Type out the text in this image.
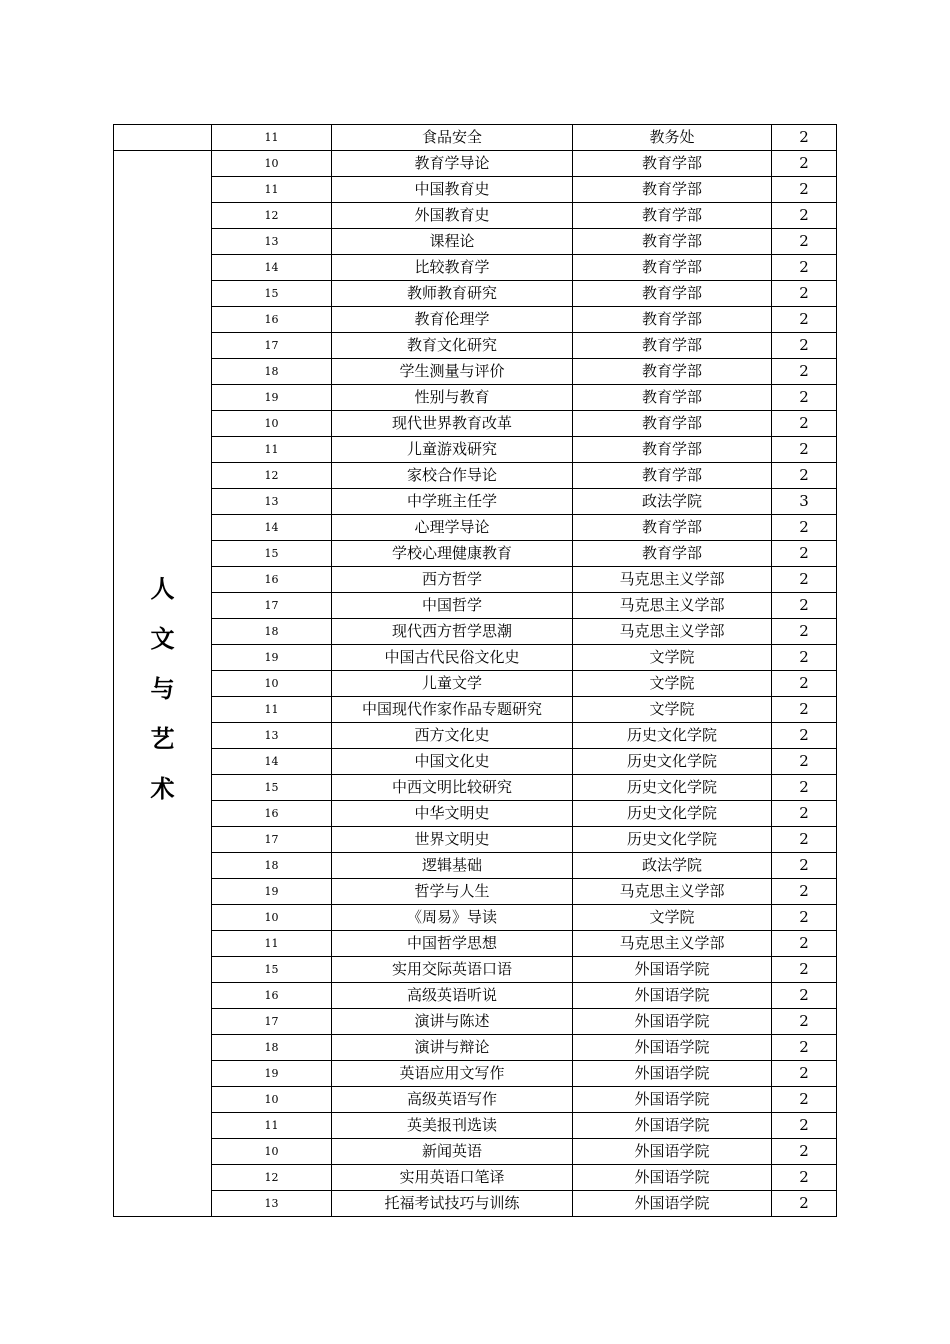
	11	食品安全	教务处	2

人
文
与
艺
术	10	教育学导论	教育学部	2
	11	中国教育史	教育学部	2
	12	外国教育史	教育学部	2
	13	课程论	教育学部	2
	14	比较教育学	教育学部	2
	15	教师教育研究	教育学部	2
	16	教育伦理学	教育学部	2
	17	教育文化研究	教育学部	2
	18	学生测量与评价	教育学部	2
	19	性别与教育	教育学部	2
	10	现代世界教育改革	教育学部	2
	11	儿童游戏研究	教育学部	2
	12	家校合作导论	教育学部	2
	13	中学班主任学	政法学院	3
	14	心理学导论	教育学部	2
	15	学校心理健康教育	教育学部	2
	16	西方哲学	马克思主义学部	2
	17	中国哲学	马克思主义学部	2
	18	现代西方哲学思潮	马克思主义学部	2
	19	中国古代民俗文化史	文学院	2
	10	儿童文学	文学院	2
	11	中国现代作家作品专题研究	文学院	2
	13	西方文化史	历史文化学院	2
	14	中国文化史	历史文化学院	2
	15	中西文明比较研究	历史文化学院	2
	16	中华文明史	历史文化学院	2
	17	世界文明史	历史文化学院	2
	18	逻辑基础	政法学院	2
	19	哲学与人生	马克思主义学部	2
	10	《周易》导读	文学院	2
	11	中国哲学思想	马克思主义学部	2
	15	实用交际英语口语	外国语学院	2
	16	高级英语听说	外国语学院	2
	17	演讲与陈述	外国语学院	2
	18	演讲与辩论	外国语学院	2
	19	英语应用文写作	外国语学院	2
	10	高级英语写作	外国语学院	2
	11	英美报刊选读	外国语学院	2
	10	新闻英语	外国语学院	2
	12	实用英语口笔译	外国语学院	2
	13	托福考试技巧与训练	外国语学院	2
